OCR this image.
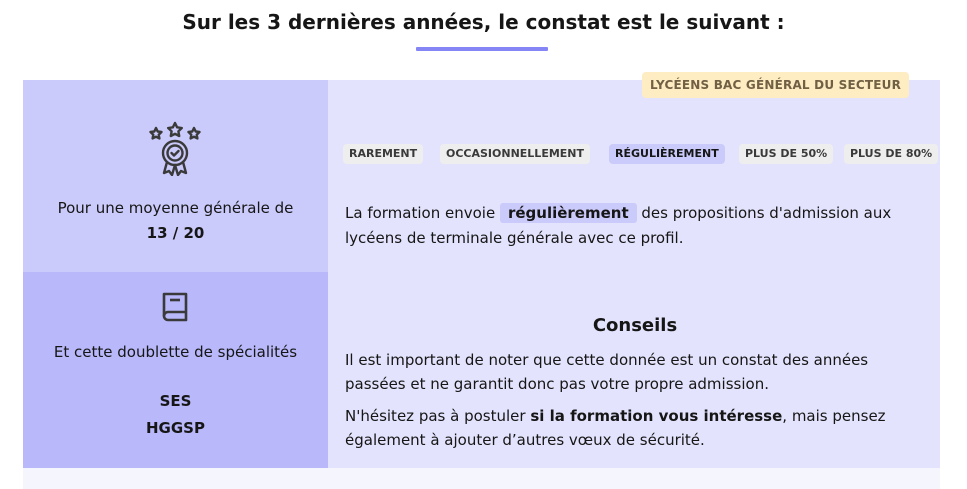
Sur les 3 dernières années, le constat est le suivant :
Pour une moyenne générale de
13 / 20
Et cette doublette de spécialités
SES
HGGSP
LYCÉENS BAC GÉNÉRAL DU SECTEUR
RAREMENT	OCCASIONNELLEMENT	RÉGULIÈREMENT	PLUS DE 50%	PLUS DE 80%
La formation envoie régulièrement des propositions d'admission aux lycéens de terminale générale avec ce profil.
Conseils
Il est important de noter que cette donnée est un constat des années passées et ne garantit donc pas votre propre admission.
N'hésitez pas à postuler si la formation vous intéresse, mais pensez également à ajouter d’autres vœux de sécurité.
